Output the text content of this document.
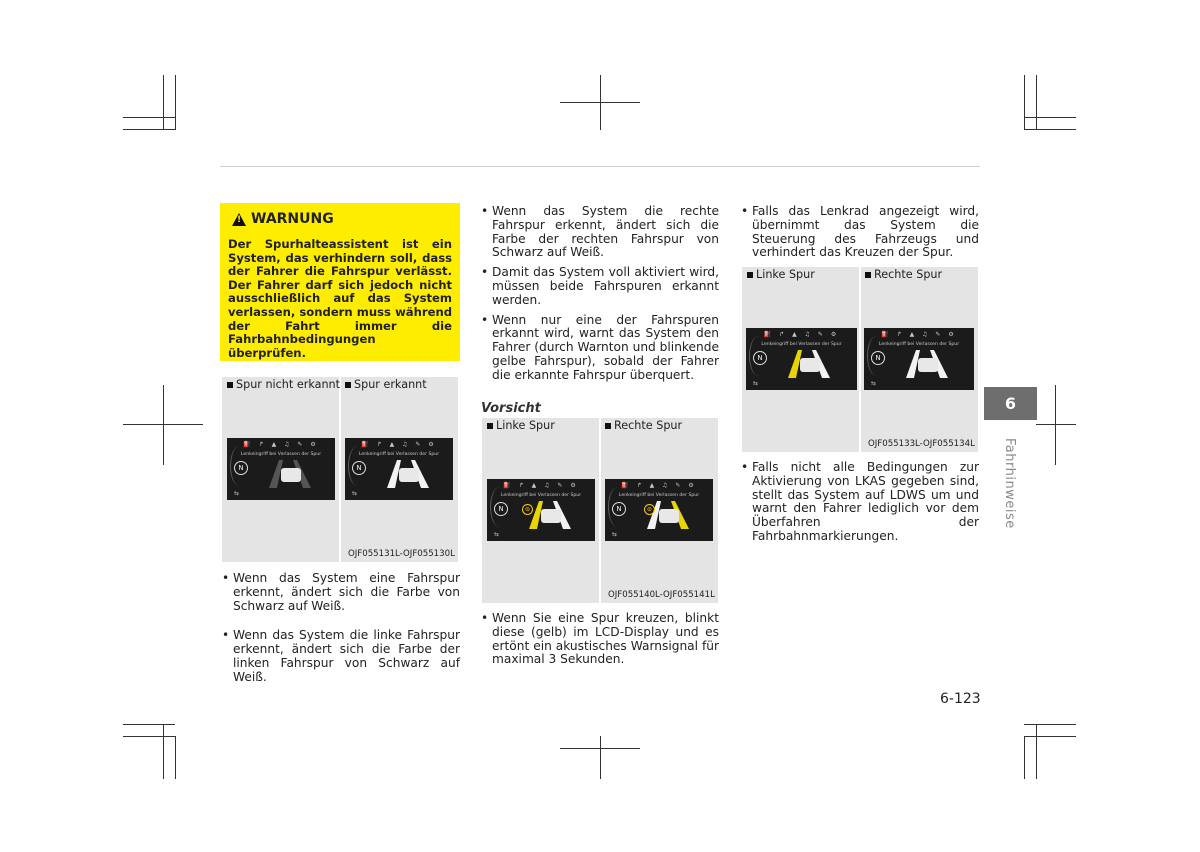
!
WARNUNG
Der Spurhalteassistent ist ein System, das verhindern soll, dass der Fahrer die Fahrspur verlässt. Der Fahrer darf sich jedoch nicht ausschließlich auf das System verlassen, sondern muss während der Fahrt immer die Fahrbahnbedingungen überprüfen.
Spur nicht erkannt Spur erkannt
⛽ ↱ ▲ ♫ ✎ ⚙
Lenkeingriff bei Verlassen der Spur
N
⇆
⛽ ↱ ▲ ♫ ✎ ⚙
Lenkeingriff bei Verlassen der Spur
N
⇆
OJF055131L-OJF055130L

• Wenn das System eine Fahrspur erkennt, ändert sich die Farbe von Schwarz auf Weiß.

• Wenn das System die linke Fahrspur erkennt, ändert sich die Farbe der linken Fahrspur von Schwarz auf Weiß.

• Wenn das System die rechte Fahrspur erkennt, ändert sich die Farbe der rechten Fahrspur von Schwarz auf Weiß.

• Damit das System voll aktiviert wird, müssen beide Fahrspuren erkannt werden.

• Wenn nur eine der Fahrspuren erkannt wird, warnt das System den Fahrer (durch Warnton und blinkende gelbe Fahrspur), sobald der Fahrer die erkannte Fahrspur überquert.

Vorsicht
Linke Spur	Rechte Spur
⛽ ↱ ▲ ♫ ✎ ⚙
Lenkeingriff bei Verlassen der Spur
⊜
N
⇆
⛽ ↱ ▲ ♫ ✎ ⚙
Lenkeingriff bei Verlassen der Spur
⊜
N
⇆
OJF055140L-OJF055141L

• Wenn Sie eine Spur kreuzen, blinkt diese (gelb) im LCD-Display und es ertönt ein akustisches Warnsignal für maximal 3 Sekunden.

• Falls das Lenkrad angezeigt wird, übernimmt das System die Steuerung des Fahrzeugs und verhindert das Kreuzen der Spur.

Linke Spur	Rechte Spur
⛽ ↱ ▲ ♫ ✎ ⚙
Lenkeingriff bei Verlassen der Spur
N
⇆
⛽ ↱ ▲ ♫ ✎ ⚙
Lenkeingriff bei Verlassen der Spur
N
⇆
OJF055133L-OJF055134L

• Falls nicht alle Bedingungen zur Aktivierung von LKAS gegeben sind, stellt das System auf LDWS um und warnt den Fahrer lediglich vor dem Überfahren der Fahrbahnmarkierungen.

6
Fahrhinweise
6-123
